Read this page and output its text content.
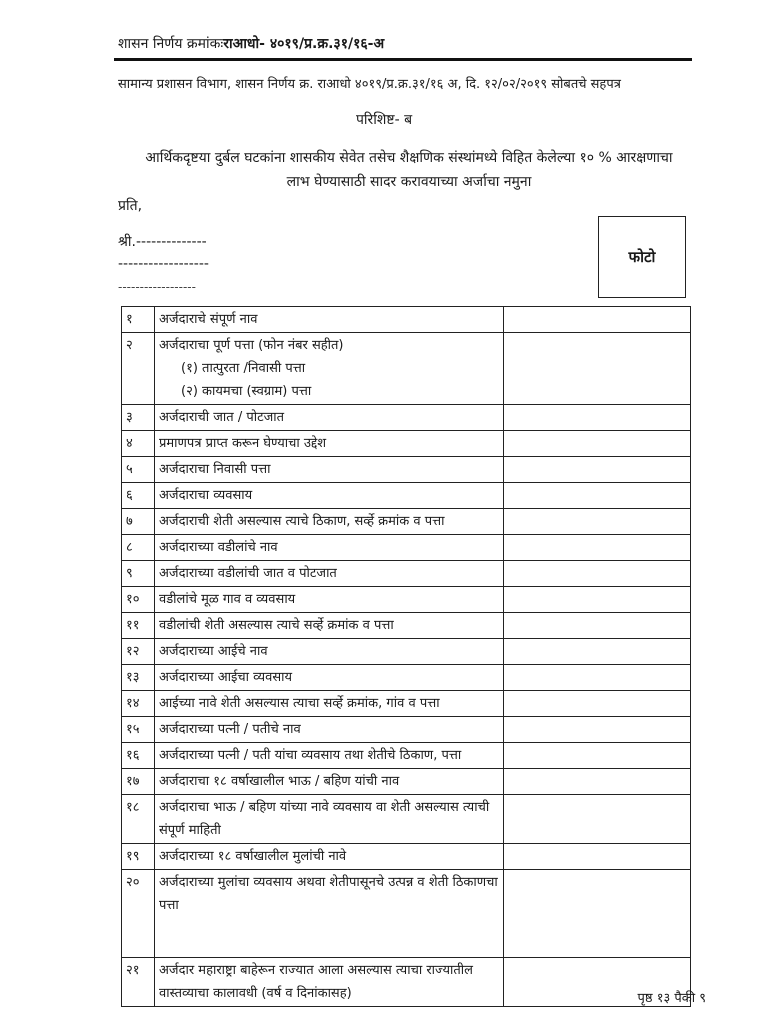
शासन निर्णय क्रमांकःराआधो- ४०१९/प्र.क्र.३१/१६-अ
सामान्य प्रशासन विभाग, शासन निर्णय क्र. राआधो ४०१९/प्र.क्र.३१/१६ अ, दि. १२/०२/२०१९ सोबतचे सहपत्र
परिशिष्ट- ब
आर्थिकदृष्टया दुर्बल घटकांना शासकीय सेवेत तसेच शैक्षणिक संस्थांमध्ये विहित केलेल्या १० % आरक्षणाचा
लाभ घेण्यासाठी सादर करावयाच्या अर्जाचा नमुना
प्रति,
श्री.--------------
------------------
------------------
फोटो
१	अर्जदाराचे संपूर्ण नाव	

२	अर्जदाराचा पूर्ण पत्ता (फोन नंबर सहीत)
(१) तात्पुरता /निवासी पत्ता
(२) कायमचा (स्वग्राम) पत्ता	

३	अर्जदाराची जात / पोटजात	

४	प्रमाणपत्र प्राप्त करून घेण्याचा उद्देश	

५	अर्जदाराचा निवासी पत्ता	

६	अर्जदाराचा व्यवसाय	

७	अर्जदाराची शेती असल्यास त्याचे ठिकाण, सर्व्हे क्रमांक व पत्ता	

८	अर्जदाराच्या वडीलांचे नाव	

९	अर्जदाराच्या वडीलांची जात व पोटजात	

१०	वडीलांचे मूळ गाव व व्यवसाय	

११	वडीलांची शेती असल्यास त्याचे सर्व्हे क्रमांक व पत्ता	

१२	अर्जदाराच्या आईचे नाव	

१३	अर्जदाराच्या आईचा व्यवसाय	

१४	आईच्या नावे शेती असल्यास त्याचा सर्व्हे क्रमांक, गांव व पत्ता	

१५	अर्जदाराच्या पत्नी / पतीचे नाव	

१६	अर्जदाराच्या पत्नी / पती यांचा व्यवसाय तथा शेतीचे ठिकाण, पत्ता	

१७	अर्जदाराचा १८ वर्षाखालील भाऊ / बहिण यांची नाव	

१८	अर्जदाराचा भाऊ / बहिण यांच्या नावे व्यवसाय वा शेती असल्यास त्याची संपूर्ण माहिती	

१९	अर्जदाराच्या १८ वर्षाखालील मुलांची नावे	

२०	अर्जदाराच्या मुलांचा व्यवसाय अथवा शेतीपासूनचे उत्पन्न व शेती ठिकाणचा पत्ता	

२१	अर्जदार महाराष्ट्रा बाहेरून राज्यात आला असल्यास त्याचा राज्यातील वास्तव्याचा कालावधी (वर्ष व दिनांकासह)	
		पृष्ठ १३ पैकी ९
